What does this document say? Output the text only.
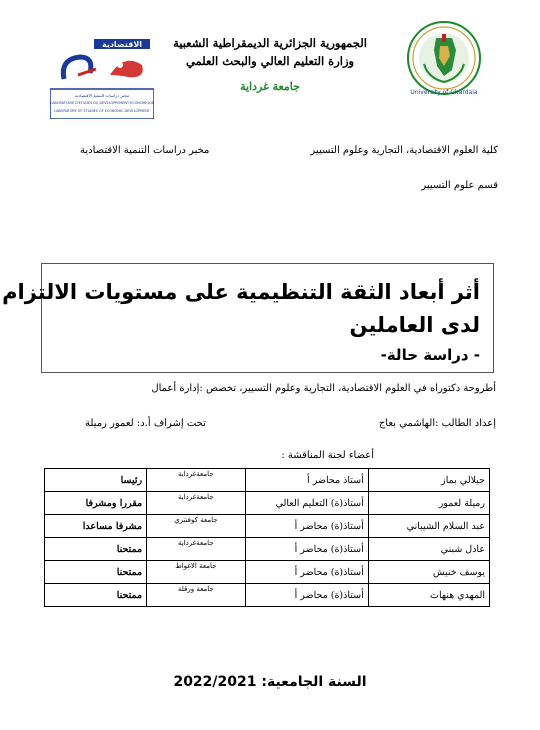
University of Ghardaia
الجمهورية الجزائرية الديمقراطية الشعبية
وزارة التعليم العالي والبحث العلمي
جامعة غرداية
الاقتصادية
مخبر دراسات التنمية الاقتصادية
LABORATOIRE D'ETUDES DU DEVELOPPEMENT ECONOMIQUE
LABORATORY OF STUDIES OF ECONOMIC DEVELOPMENT
كلية العلوم الاقتصادية، التجارية وعلوم التسيير
مخبر دراسات التنمية الاقتصادية
قسم علوم التسيير
أثر أبعاد الثقة التنظيمية على مستويات الالتزام
لدى العاملين
- دراسة حالة-
أطروحة دكتوراه في العلوم الاقتصادية، التجارية وعلوم التسيير، تخصص :إدارة أعمال
إعداد الطالب :الهاشمي بعاج
تحت إشراف أ.د: لعمور رميلة
أعضاء لجنة المناقشة :
جيلالي بماز	أستاذ محاضر أ	جامعةغرداية	رئيسا
رميلة لعمور	أستاذ(ة) التعليم العالي	جامعةغرداية	مقررا ومشرفا
عبد السلام الشيباني	أستاذ(ة) محاضر أ	جامعة كوفنتري	مشرفا مساعدا
عادل شبني	أستاذ(ة) محاضر أ	جامعةغرداية	ممتحنا
يوسف خنيش	أستاذ(ة) محاضر أ	جامعة الاغواط	ممتحنا
المهدي هنهات	أستاذ(ة) محاضر أ	جامعة ورقلة	ممتحنا
السنة الجامعية: 2022/2021
